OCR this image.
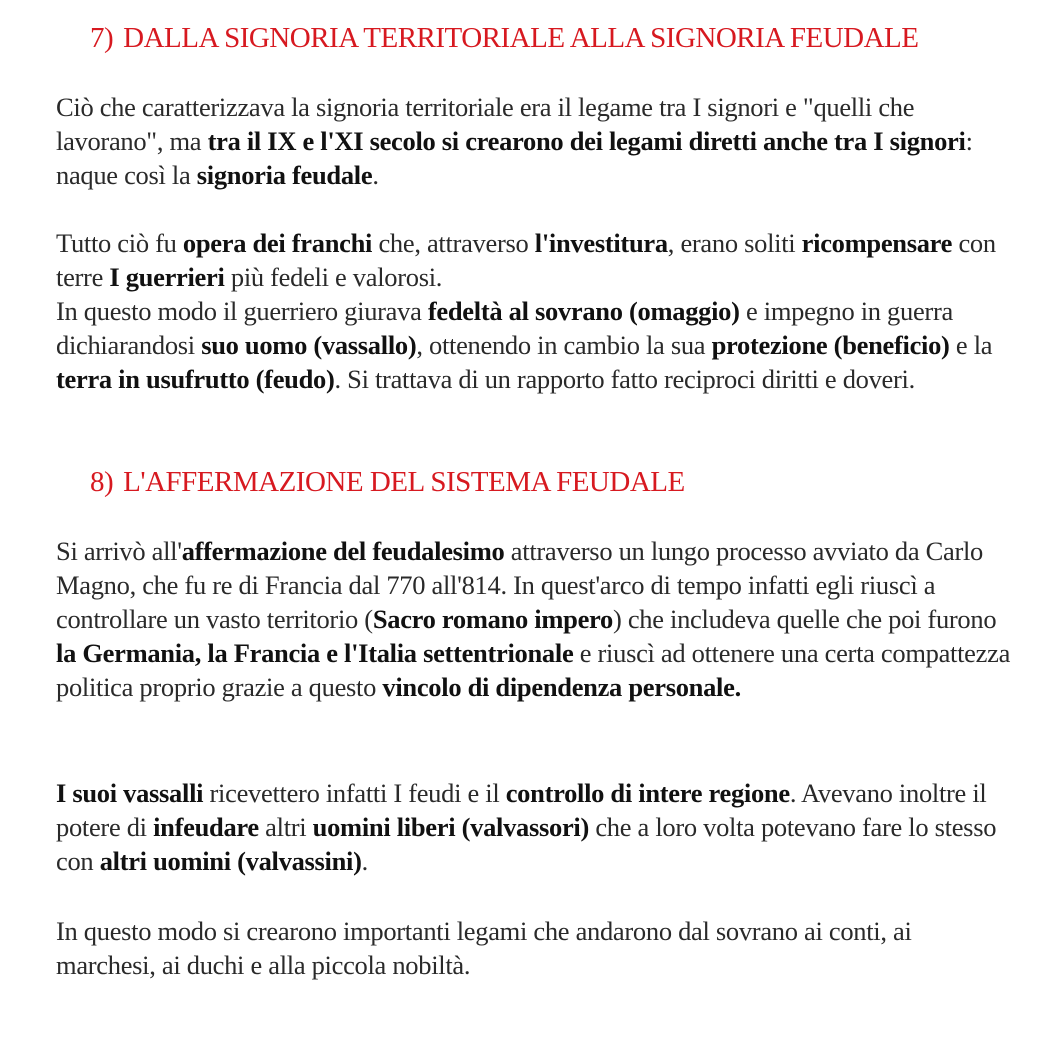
7) DALLA SIGNORIA TERRITORIALE ALLA SIGNORIA FEUDALE

Ciò che caratterizzava la signoria territoriale era il legame tra I signori e "quelli che lavorano", ma tra il IX e l'XI secolo si crearono dei legami diretti anche tra I signori: naque così la signoria feudale.

Tutto ciò fu opera dei franchi che, attraverso l'investitura, erano soliti ricompensare con terre I guerrieri più fedeli e valorosi.

In questo modo il guerriero giurava fedeltà al sovrano (omaggio) e impegno in guerra dichiarandosi suo uomo (vassallo), ottenendo in cambio la sua protezione (beneficio) e la terra in usufrutto (feudo). Si trattava di un rapporto fatto reciproci diritti e doveri.

8) L'AFFERMAZIONE DEL SISTEMA FEUDALE

Si arrivò all'affermazione del feudalesimo attraverso un lungo processo avviato da Carlo Magno, che fu re di Francia dal 770 all'814. In quest'arco di tempo infatti egli riuscì a controllare un vasto territorio (Sacro romano impero) che includeva quelle che poi furono la Germania, la Francia e l'Italia settentrionale e riuscì ad ottenere una certa compattezza politica proprio grazie a questo vincolo di dipendenza personale.

I suoi vassalli ricevettero infatti I feudi e il controllo di intere regione. Avevano inoltre il potere di infeudare altri uomini liberi (valvassori) che a loro volta potevano fare lo stesso con altri uomini (valvassini).

In questo modo si crearono importanti legami che andarono dal sovrano ai conti, ai marchesi, ai duchi e alla piccola nobiltà.
